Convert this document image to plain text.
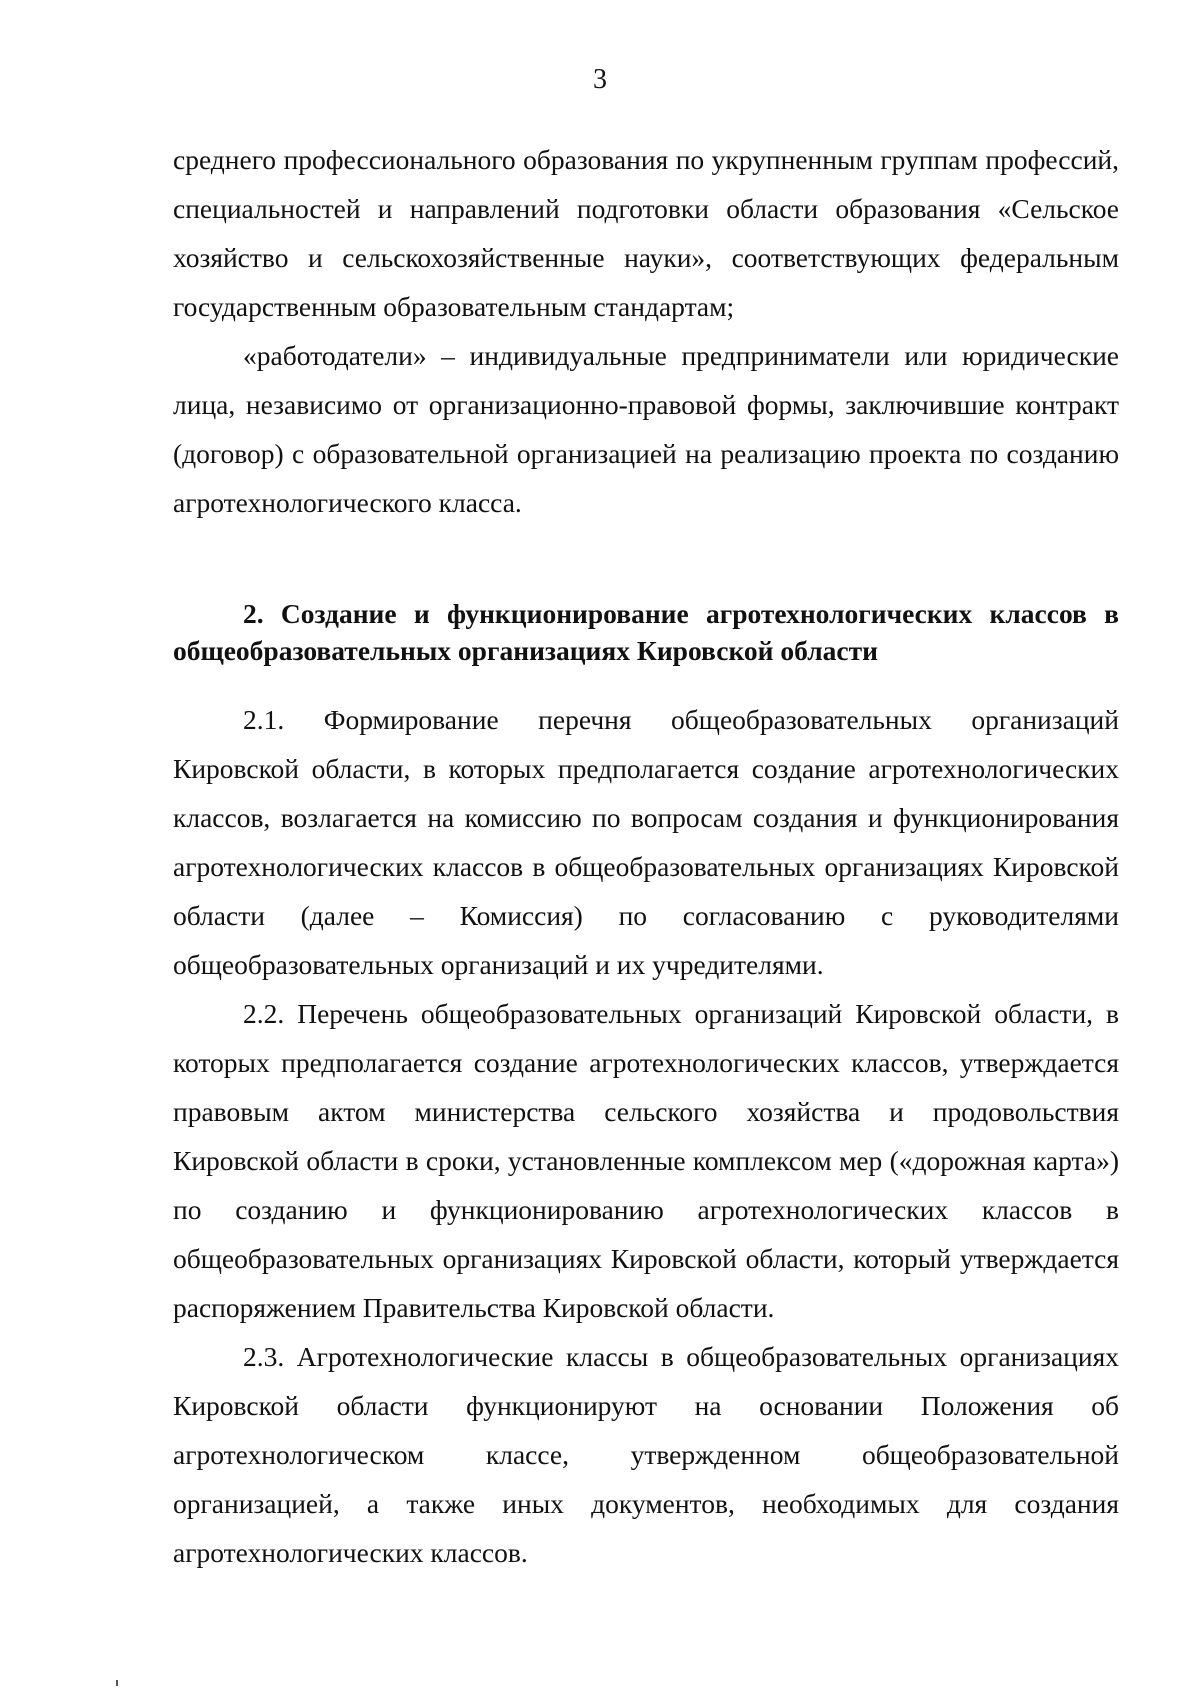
3

среднего профессионального образования по укрупненным группам профессий, специальностей и направлений подготовки области образования «Сельское хозяйство и сельскохозяйственные науки», соответствующих федеральным государственным образовательным стандартам;

«работодатели» – индивидуальные предприниматели или юридические лица, независимо от организационно-правовой формы, заключившие контракт (договор) с образовательной организацией на реализацию проекта по созданию агротехнологического класса.

2. Создание и функционирование агротехнологических классов в общеобразовательных организациях Кировской области

2.1. Формирование перечня общеобразовательных организаций Кировской области, в которых предполагается создание агротехнологических классов, возлагается на комиссию по вопросам создания и функционирования агротехнологических классов в общеобразовательных организациях Кировской области (далее – Комиссия) по согласованию с руководителями общеобразовательных организаций и их учредителями.

2.2. Перечень общеобразовательных организаций Кировской области, в которых предполагается создание агротехнологических классов, утверждается правовым актом министерства сельского хозяйства и продовольствия Кировской области в сроки, установленные комплексом мер («дорожная карта») по созданию и функционированию агротехнологических классов в общеобразовательных организациях Кировской области, который утверждается распоряжением Правительства Кировской области.

2.3. Агротехнологические классы в общеобразовательных организациях Кировской области функционируют на основании Положения об агротехнологическом классе, утвержденном общеобразовательной организацией, а также иных документов, необходимых для создания агротехнологических классов.
